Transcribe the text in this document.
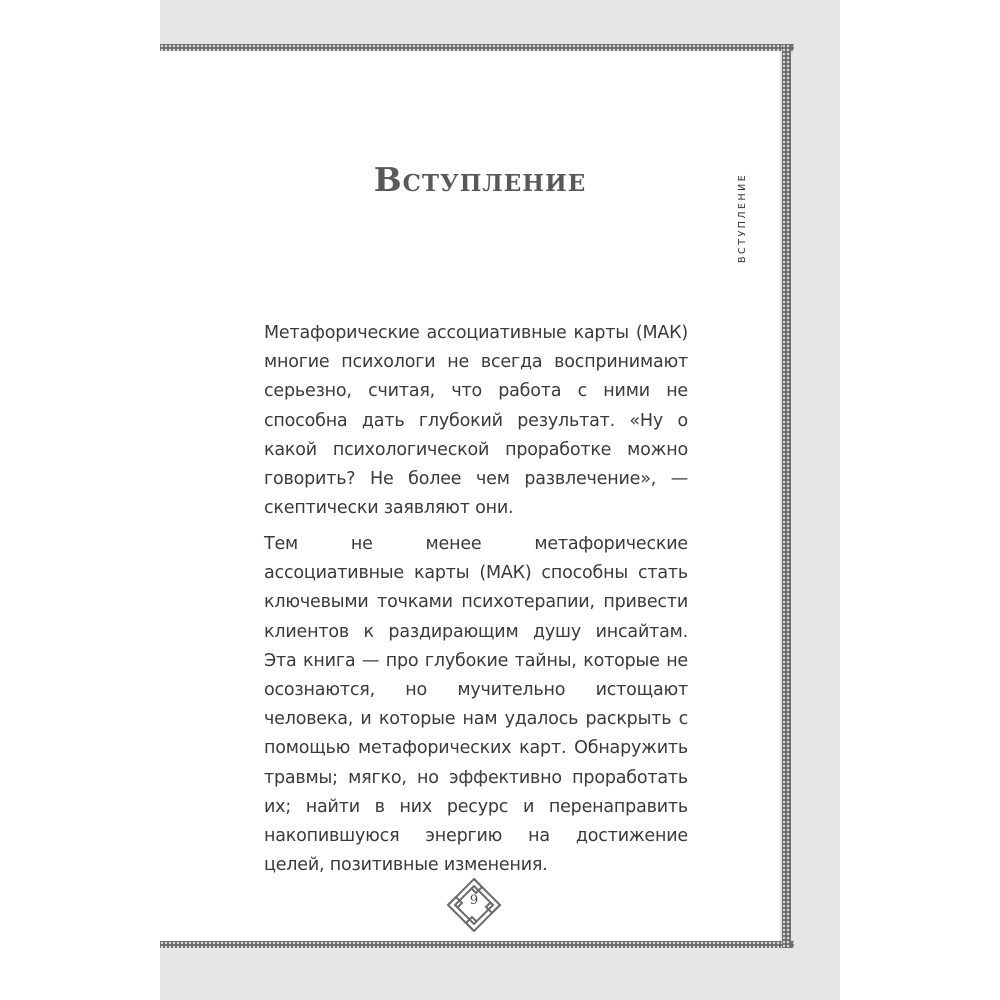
Вступление	ВСТУПЛЕНИЕ

Метафорические ассоциативные карты (МАК) многие психологи не всегда воспринимают серьезно, считая, что работа с ними не способна дать глубокий результат. «Ну о какой психологической проработке можно говорить? Не более чем развлечение», — скептически заявляют они.

Тем не менее метафорические ассоциативные карты (МАК) способны стать ключевыми точками психотерапии, привести клиентов к раздирающим душу инсайтам. Эта книга — про глубокие тайны, которые не осознаются, но мучительно истощают человека, и которые нам удалось раскрыть с помощью метафорических карт. Обнаружить травмы; мягко, но эффективно проработать их; найти в них ресурс и перенаправить накопившуюся энергию на достижение целей, позитивные изменения.

9
